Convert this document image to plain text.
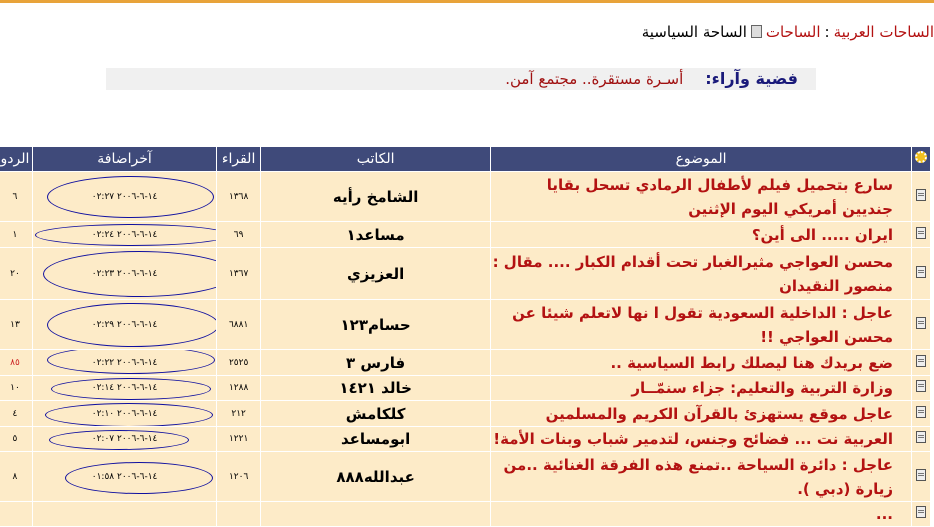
الساحات العربية:الساحاتالساحة السياسية
فضية وآراء:أسـرة مستقرة.. مجتمع آمن.
الردو	آخراضافة	القراء	الكاتب	الموضوع	
٦	١٤-٦-٢٠٠٦ ٠٢:٢٧	١٣٦٨	الشامخ رأيه	سارع بتحميل فيلم لأطفال الرمادي تسحل بقايا جنديين أمريكي اليوم الإثنين	
١	١٤-٦-٢٠٠٦ ٠٢:٢٤	٦٩	مساعد١	ايران ..... الى أين؟	
٢٠	١٤-٦-٢٠٠٦ ٠٢:٢٣	١٣٦٧	العزيزي	محسن العواجي مثيرالغبار تحت أقدام الكبار .... مقال : منصور النقيدان	
١٣	١٤-٦-٢٠٠٦ ٠٢:٢٩	٦٨٨١	حسام١٢٣	عاجل : الداخلية السعودية تقول ا نها لاتعلم شيئا عن محسن العواجي !!	
٨٥	١٤-٦-٢٠٠٦ ٠٢:٢٢	٢٥٢٥	فارس ٣	ضع بريدك هنا ليصلك رابط السياسية ..	
١٠	١٤-٦-٢٠٠٦ ٠٢:١٤	١٢٨٨	خالد ١٤٢١	وزارة التربية والتعليم: جزاء سنمّــار	
٤	١٤-٦-٢٠٠٦ ٠٢:١٠	٢١٢	كلكامش	عاجل موقع يستهزئ بالقرآن الكريم والمسلمين	
٥	١٤-٦-٢٠٠٦ ٠٢:٠٧	١٢٢١	ابومساعد	العربية نت ... فضائح وجنس، لتدمير شباب وبنات الأمة!	
٨	١٤-٦-٢٠٠٦ ٠١:٥٨	١٢٠٦	عبدالله٨٨٨	عاجل : دائرة السياحة ..تمنع هذه الفرقة الغنائية ..من زيارة (دبي ).	
				...	
